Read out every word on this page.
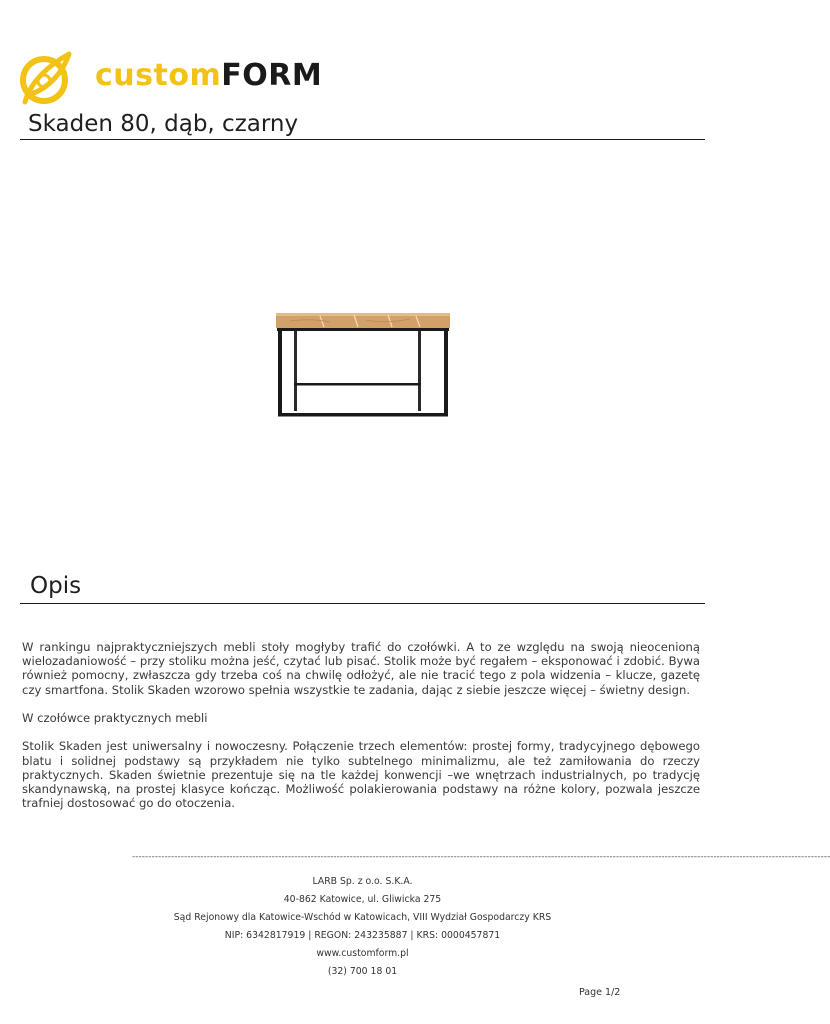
customFORM
Skaden 80, dąb, czarny
Opis

W rankingu najpraktyczniejszych mebli stoły mogłyby trafić do czołówki. A to ze względu na swoją nieocenioną wielozadaniowość – przy stoliku można jeść, czytać lub pisać. Stolik może być regałem – eksponować i zdobić. Bywa również pomocny, zwłaszcza gdy trzeba coś na chwilę odłożyć, ale nie tracić tego z pola widzenia – klucze, gazetę czy smartfona. Stolik Skaden wzorowo spełnia wszystkie te zadania, dając z siebie jeszcze więcej – świetny design.

W czołówce praktycznych mebli

Stolik Skaden jest uniwersalny i nowoczesny. Połączenie trzech elementów: prostej formy, tradycyjnego dębowego blatu i solidnej podstawy są przykładem nie tylko subtelnego minimalizmu, ale też zamiłowania do rzeczy praktycznych. Skaden świetnie prezentuje się na tle każdej konwencji –we wnętrzach industrialnych, po tradycję skandynawską, na prostej klasyce kończąc. Możliwość polakierowania podstawy na różne kolory, pozwala jeszcze trafniej dostosować go do otoczenia.

-----------------------------------------------------------------------------------------------------------------------------------------------------------------------------------------------------------------------
LARB Sp. z o.o. S.K.A.
40-862 Katowice, ul. Gliwicka 275
Sąd Rejonowy dla Katowice-Wschód w Katowicach, VIII Wydział Gospodarczy KRS
NIP: 6342817919 | REGON: 243235887 | KRS: 0000457871
www.customform.pl
(32) 700 18 01
Page 1/2
